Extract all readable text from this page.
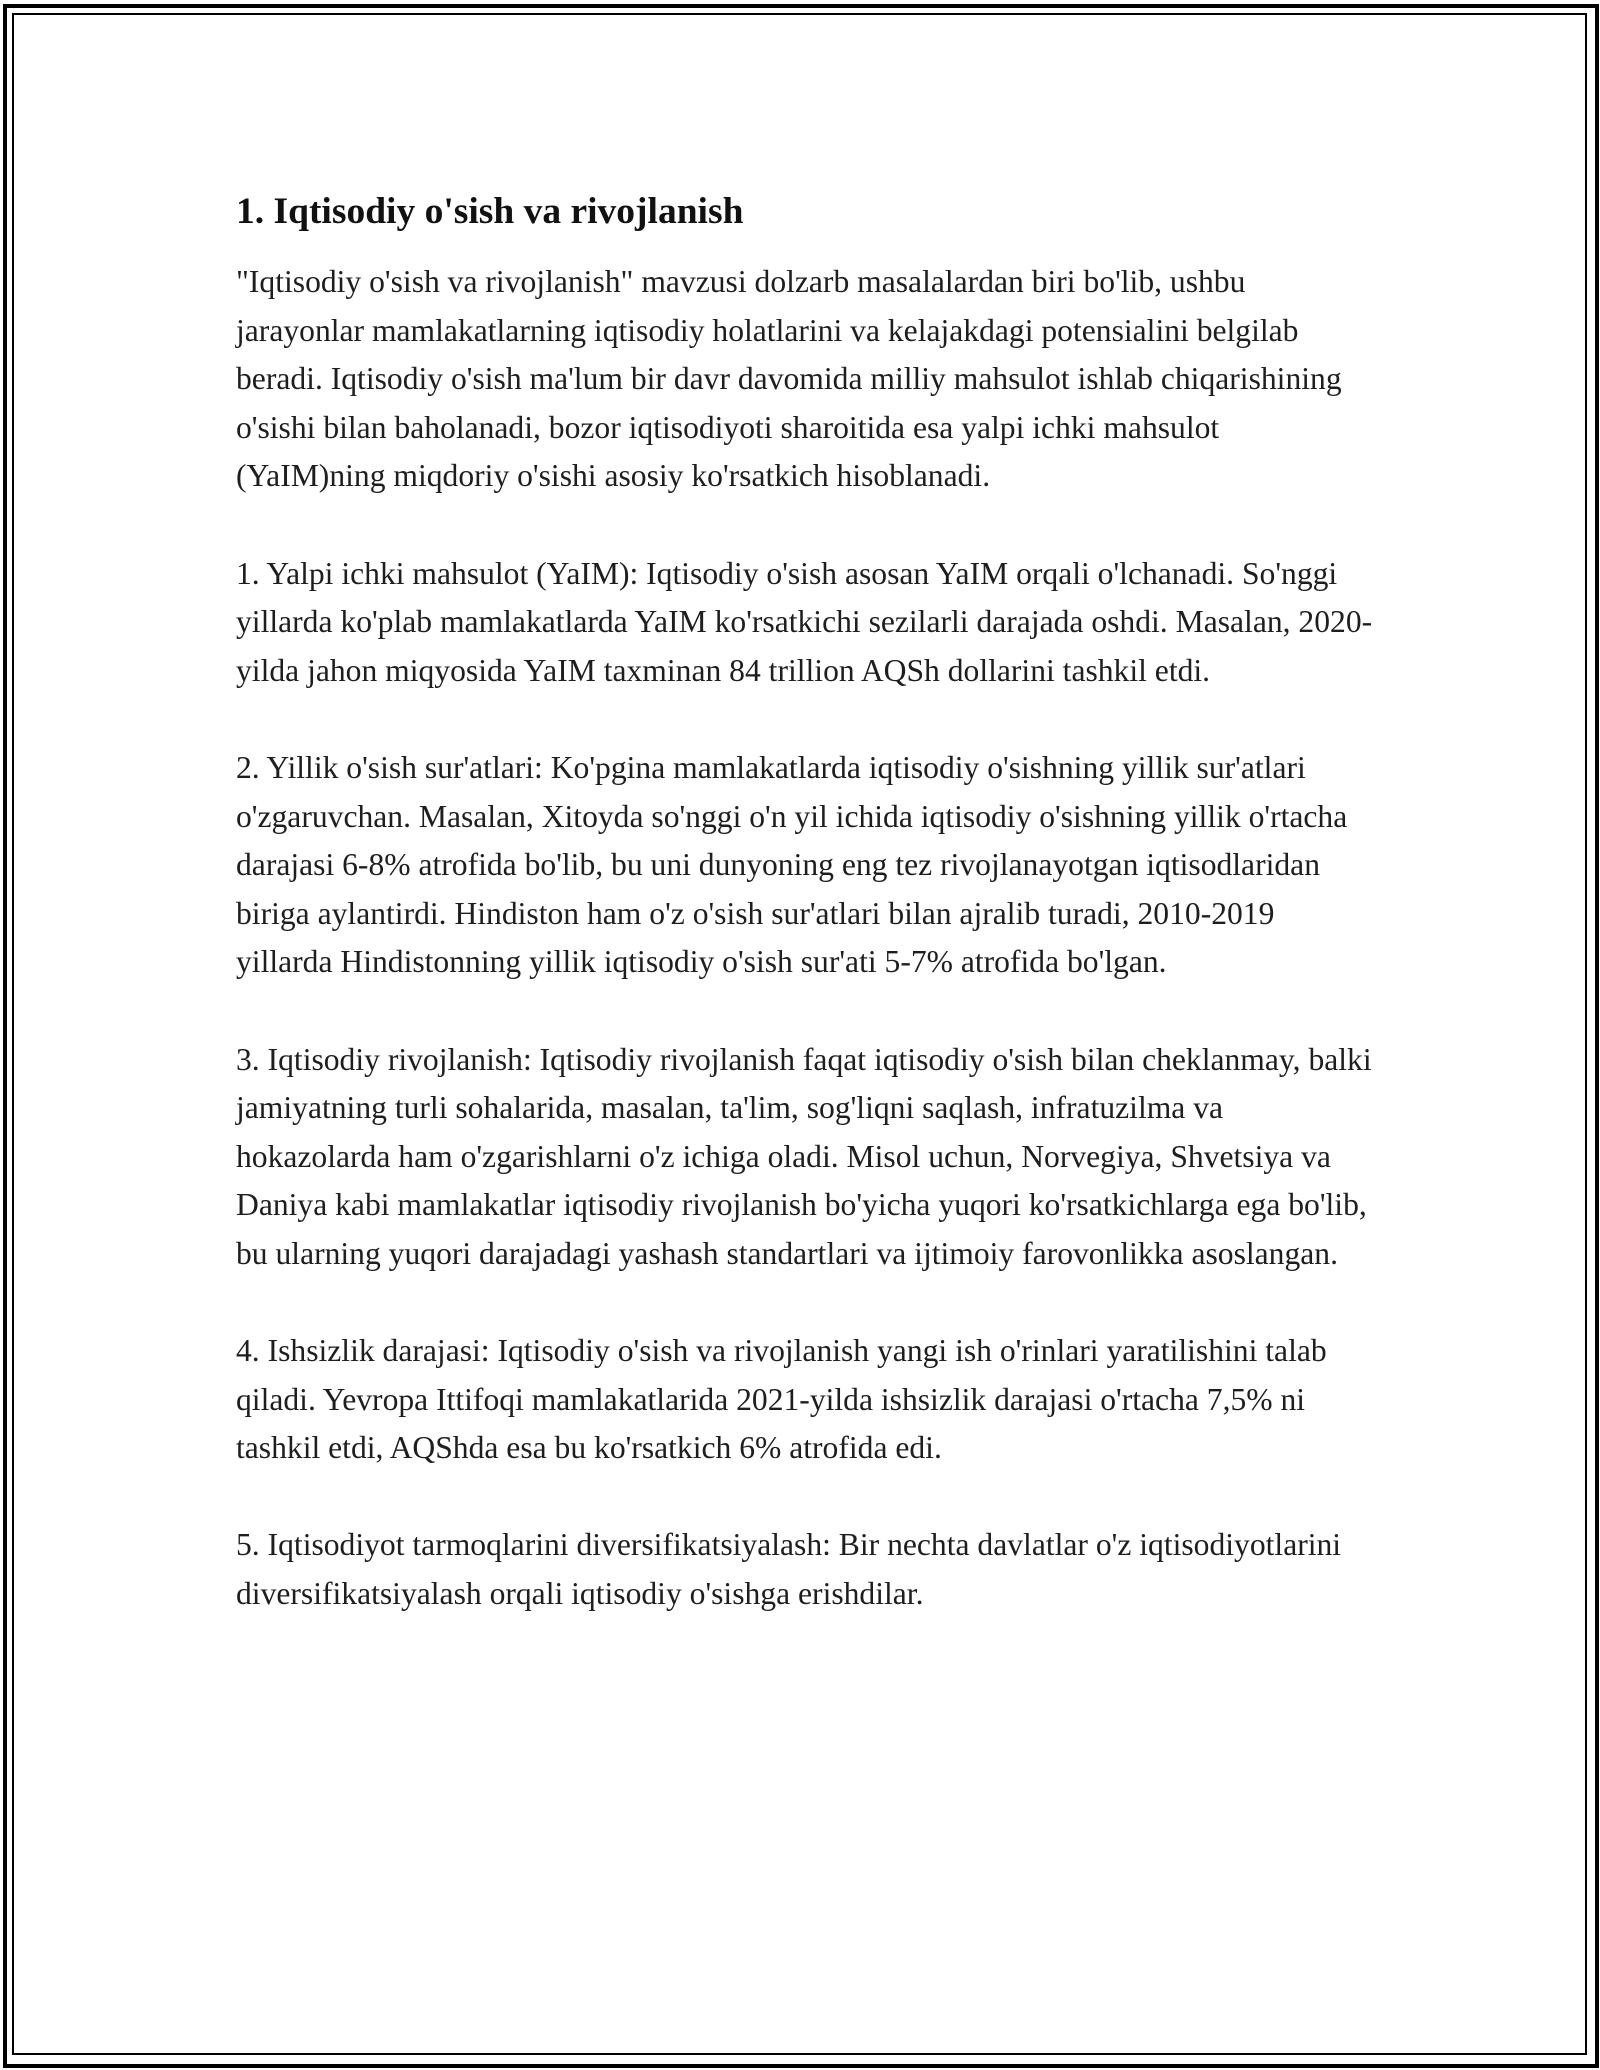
1. Iqtisodiy o'sish va rivojlanish

"Iqtisodiy o'sish va rivojlanish" mavzusi dolzarb masalalardan biri bo'lib, ushbu jarayonlar mamlakatlarning iqtisodiy holatlarini va kelajakdagi potensialini belgilab beradi. Iqtisodiy o'sish ma'lum bir davr davomida milliy mahsulot ishlab chiqarishining o'sishi bilan baholanadi, bozor iqtisodiyoti sharoitida esa yalpi ichki mahsulot (YaIM)ning miqdoriy o'sishi asosiy ko'rsatkich hisoblanadi.

1. Yalpi ichki mahsulot (YaIM): Iqtisodiy o'sish asosan YaIM orqali o'lchanadi. So'nggi yillarda ko'plab mamlakatlarda YaIM ko'rsatkichi sezilarli darajada oshdi. Masalan, 2020-yilda jahon miqyosida YaIM taxminan 84 trillion AQSh dollarini tashkil etdi.

2. Yillik o'sish sur'atlari: Ko'pgina mamlakatlarda iqtisodiy o'sishning yillik sur'atlari o'zgaruvchan. Masalan, Xitoyda so'nggi o'n yil ichida iqtisodiy o'sishning yillik o'rtacha darajasi 6-8% atrofida bo'lib, bu uni dunyoning eng tez rivojlanayotgan iqtisodlaridan biriga aylantirdi. Hindiston ham o'z o'sish sur'atlari bilan ajralib turadi, 2010-2019 yillarda Hindistonning yillik iqtisodiy o'sish sur'ati 5-7% atrofida bo'lgan.

3. Iqtisodiy rivojlanish: Iqtisodiy rivojlanish faqat iqtisodiy o'sish bilan cheklanmay, balki jamiyatning turli sohalarida, masalan, ta'lim, sog'liqni saqlash, infratuzilma va hokazolarda ham o'zgarishlarni o'z ichiga oladi. Misol uchun, Norvegiya, Shvetsiya va Daniya kabi mamlakatlar iqtisodiy rivojlanish bo'yicha yuqori ko'rsatkichlarga ega bo'lib, bu ularning yuqori darajadagi yashash standartlari va ijtimoiy farovonlikka asoslangan.

4. Ishsizlik darajasi: Iqtisodiy o'sish va rivojlanish yangi ish o'rinlari yaratilishini talab qiladi. Yevropa Ittifoqi mamlakatlarida 2021-yilda ishsizlik darajasi o'rtacha 7,5% ni tashkil etdi, AQShda esa bu ko'rsatkich 6% atrofida edi.

5. Iqtisodiyot tarmoqlarini diversifikatsiyalash: Bir nechta davlatlar o'z iqtisodiyotlarini diversifikatsiyalash orqali iqtisodiy o'sishga erishdilar.
